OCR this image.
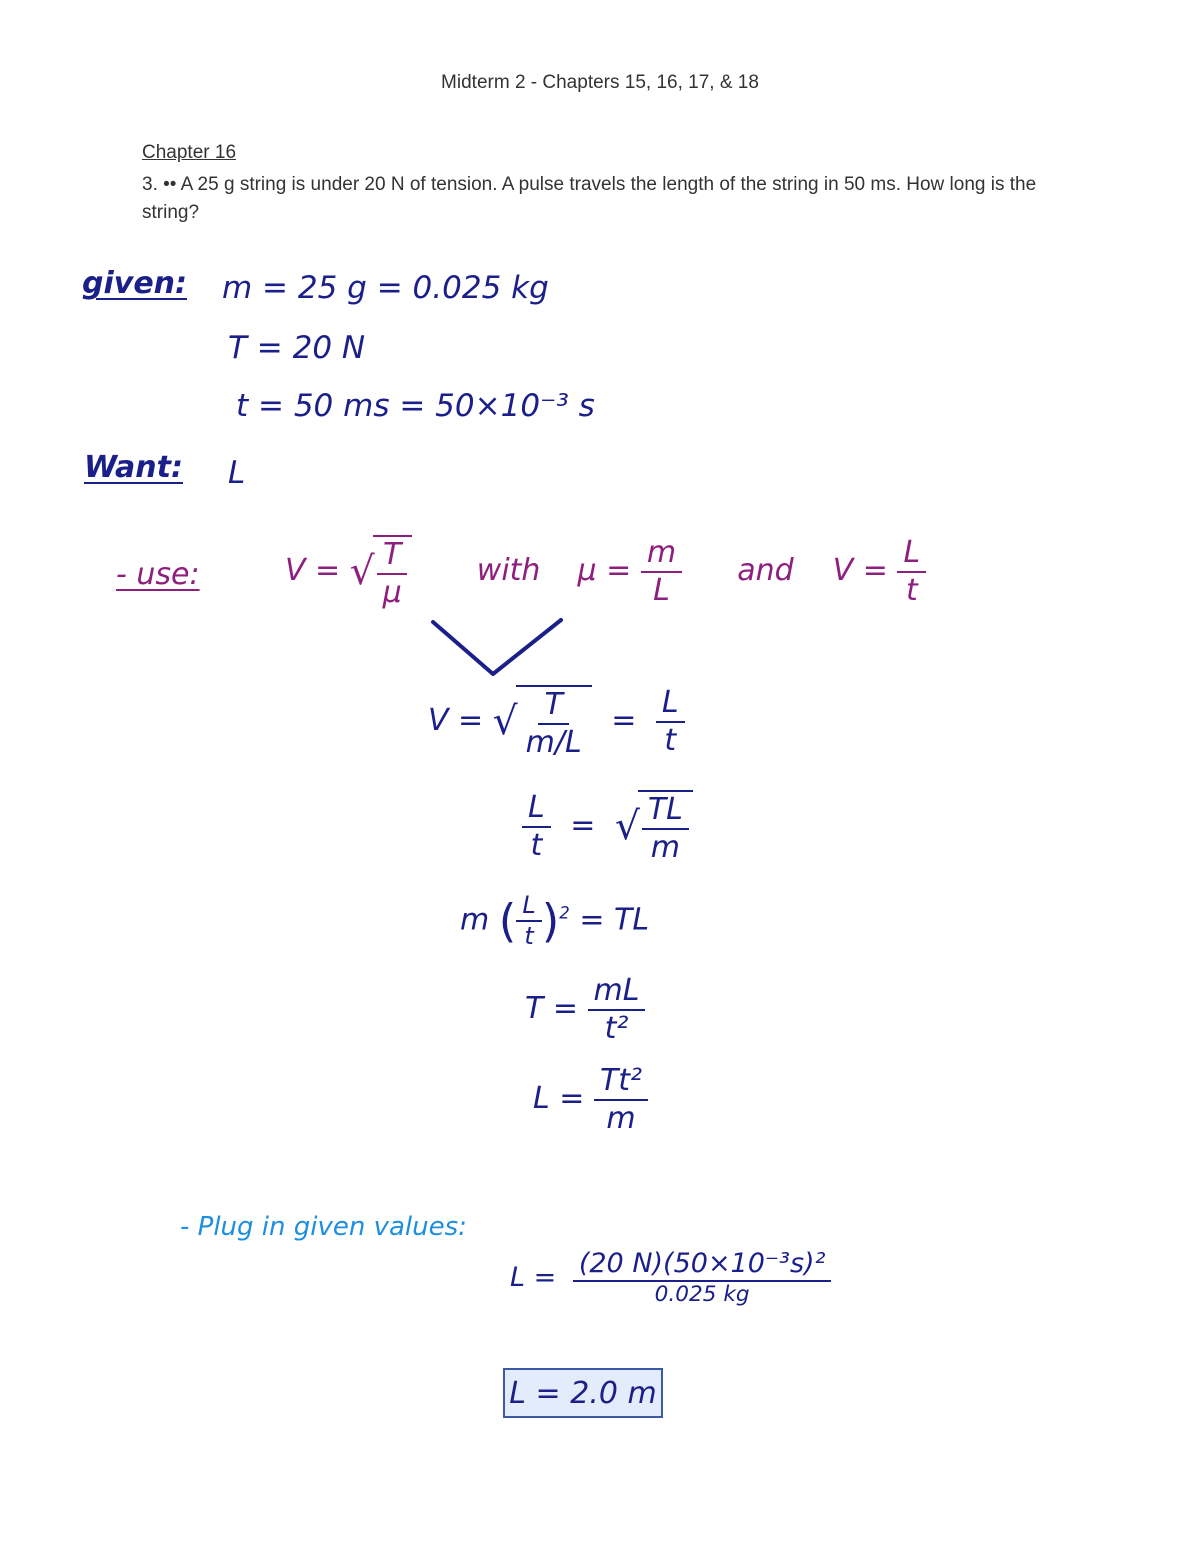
Midterm 2 - Chapters 15, 16, 17, & 18
Chapter 16
3. •• A 25 g string is under 20 N of tension. A pulse travels the length of the string in 50 ms. How long is the string?
given: m = 25 g = 0.025 kg
T = 20 N
t = 50 ms = 50×10⁻³ s
Want: L
- use:	V = √ $\frac{T}{\mu}$ with $\mu = \frac{m}{L}$ and $V = \frac{L}{t}$
V = √ $\frac{T}{m/L} = \frac{L}{t}$
$\frac{L}{t}$ = √ $\frac{TL}{m}$
m ( $\frac{L}{t} )^2$ = TL
$T = \frac{mL}{\text{t²}}$
$L = \frac{\text{Tt²}}{m}$
- Plug in given values:
$L = \frac{\text{(20 N)(50×10⁻³s)²}}{0.025 kg}$
L = 2.0 m
